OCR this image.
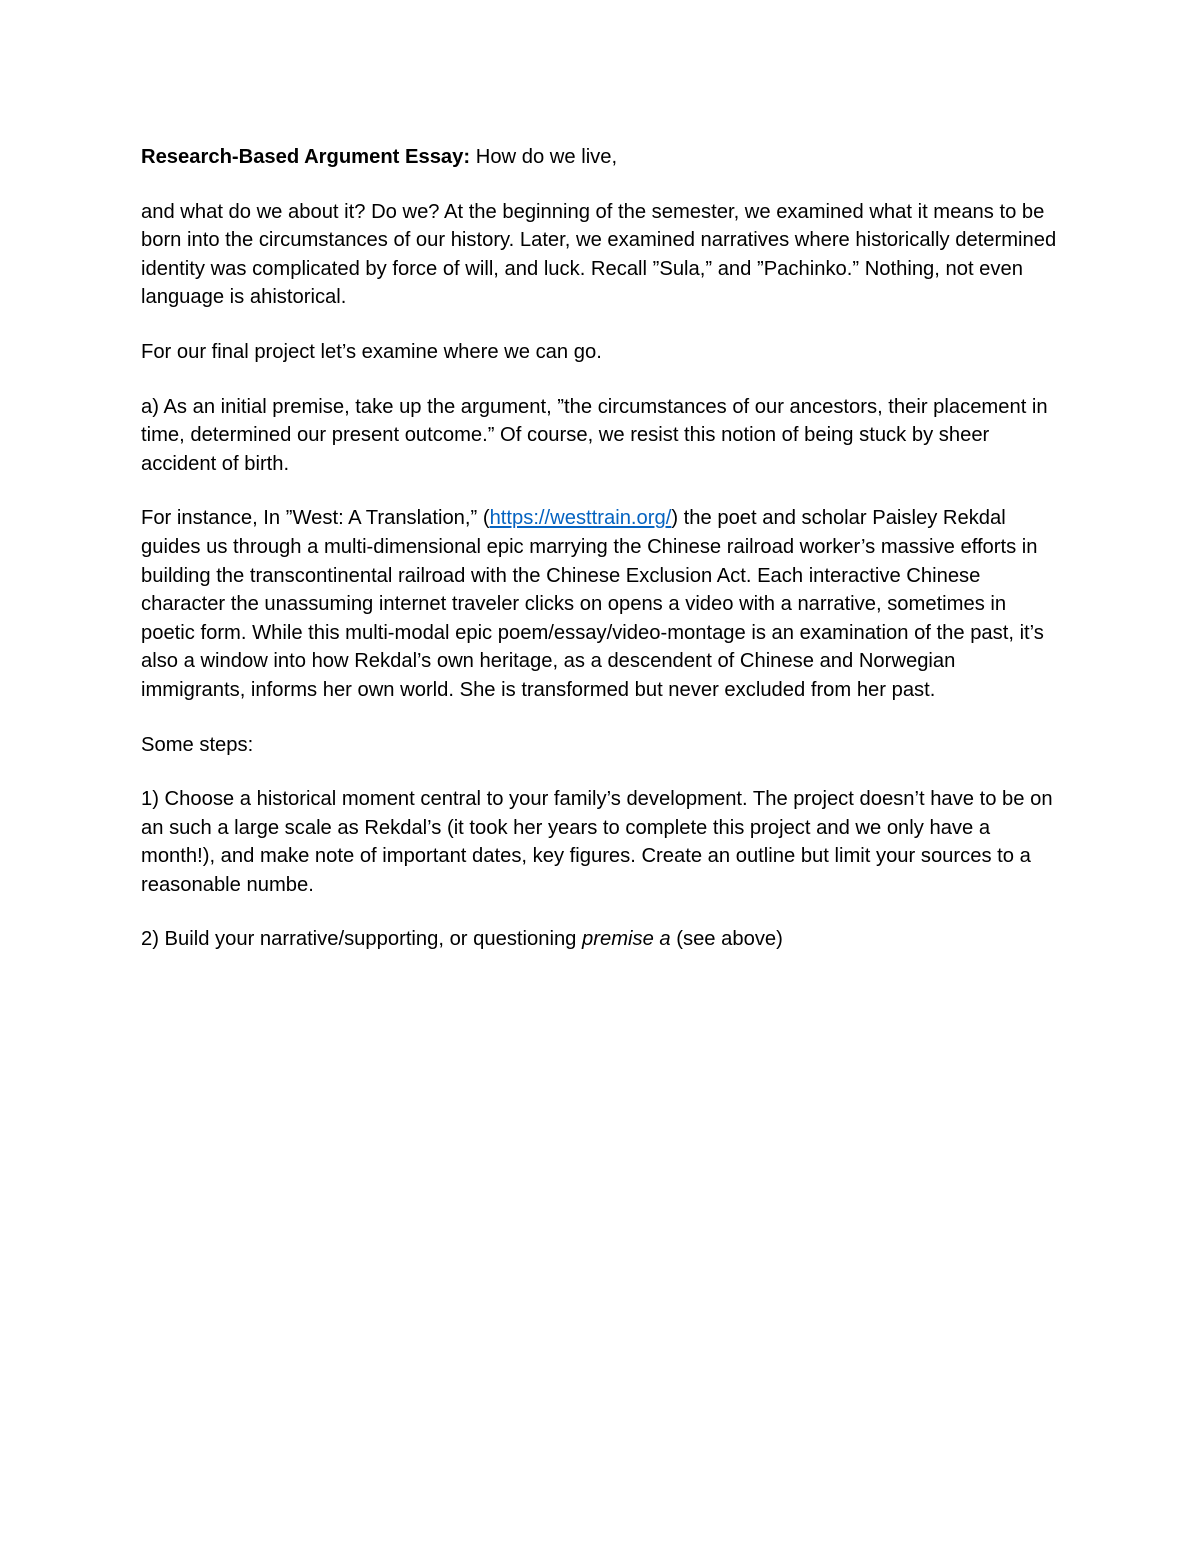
Research-Based Argument Essay: How do we live,

and what do we about it? Do we? At the beginning of the semester, we examined what it means to be born into the circumstances of our history. Later, we examined narratives where historically determined identity was complicated by force of will, and luck. Recall ”Sula,” and ”Pachinko.” Nothing, not even language is ahistorical.

For our final project let’s examine where we can go.

a) As an initial premise, take up the argument, ”the circumstances of our ancestors, their placement in time, determined our present outcome.” Of course, we resist this notion of being stuck by sheer accident of birth.

For instance, In ”West: A Translation,” (https://westtrain.org/) the poet and scholar Paisley Rekdal guides us through a multi-dimensional epic marrying the Chinese railroad worker’s massive efforts in building the transcontinental railroad with the Chinese Exclusion Act. Each interactive Chinese character the unassuming internet traveler clicks on opens a video with a narrative, sometimes in poetic form. While this multi-modal epic poem/essay/video-montage is an examination of the past, it’s also a window into how Rekdal’s own heritage, as a descendent of Chinese and Norwegian immigrants, informs her own world. She is transformed but never excluded from her past.

Some steps:

1) Choose a historical moment central to your family’s development. The project doesn’t have to be on an such a large scale as Rekdal’s (it took her years to complete this project and we only have a month!), and make note of important dates, key figures. Create an outline but limit your sources to a reasonable numbe.

2) Build your narrative/supporting, or questioning premise a (see above)
